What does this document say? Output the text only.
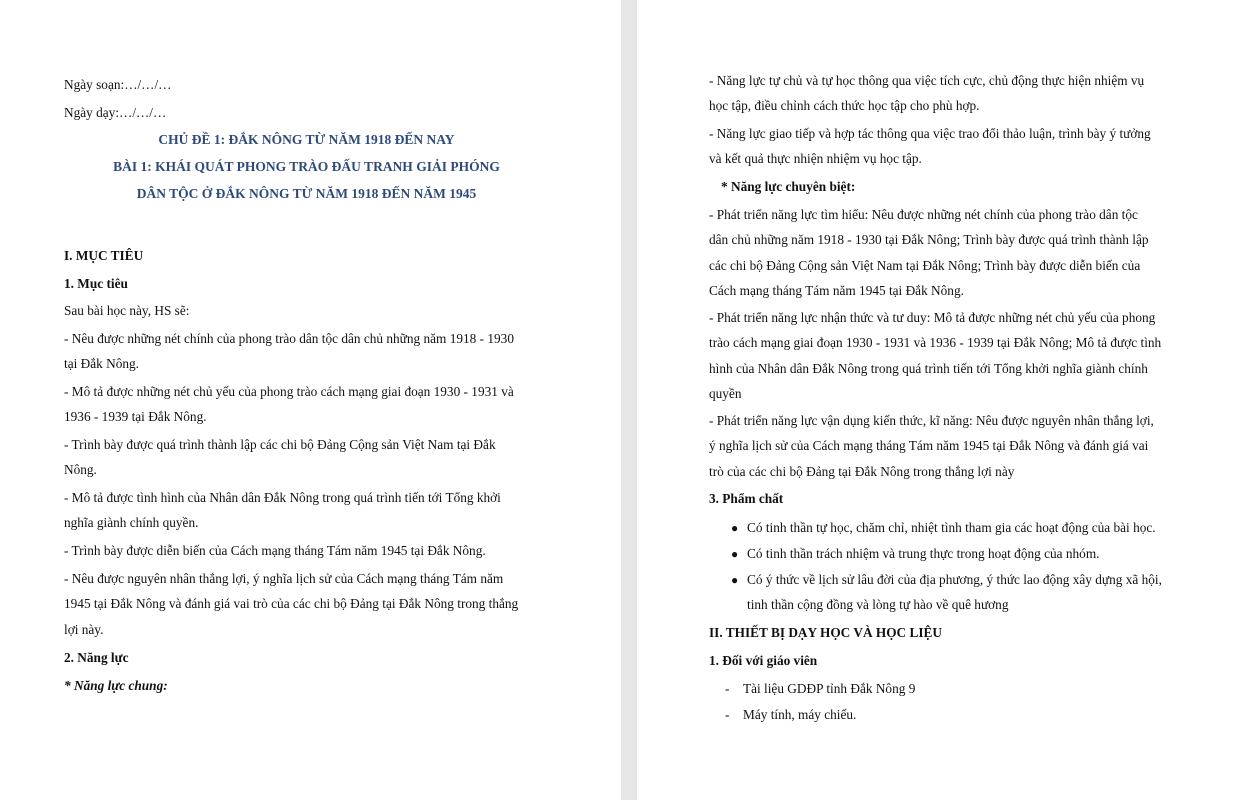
Ngày soạn:…/…/…
Ngày dạy:…/…/…
CHỦ ĐỀ 1: ĐẮK NÔNG TỪ NĂM 1918 ĐẾN NAY
BÀI 1: KHÁI QUÁT PHONG TRÀO ĐẤU TRANH GIẢI PHÓNG
DÂN TỘC Ở ĐẮK NÔNG TỪ NĂM 1918 ĐẾN NĂM 1945
I. MỤC TIÊU
1. Mục tiêu
Sau bài học này, HS sẽ:
- Nêu được những nét chính của phong trào dân tộc dân chủ những năm 1918 - 1930
tại Đắk Nông.
- Mô tả được những nét chủ yếu của phong trào cách mạng giai đoạn 1930 - 1931 và
1936 - 1939 tại Đắk Nông.
- Trình bày được quá trình thành lập các chi bộ Đảng Cộng sản Việt Nam tại Đắk
Nông.
- Mô tả được tình hình của Nhân dân Đắk Nông trong quá trình tiến tới Tổng khởi
nghĩa giành chính quyền.
- Trình bày được diễn biến của Cách mạng tháng Tám năm 1945 tại Đắk Nông.
- Nêu được nguyên nhân thắng lợi, ý nghĩa lịch sử của Cách mạng tháng Tám năm
1945 tại Đắk Nông và đánh giá vai trò của các chi bộ Đảng tại Đắk Nông trong thắng
lợi này.
2. Năng lực
* Năng lực chung:
- Năng lực tự chủ và tự học thông qua việc tích cực, chủ động thực hiện nhiệm vụ
học tập, điều chỉnh cách thức học tập cho phù hợp.
- Năng lực giao tiếp và hợp tác thông qua việc trao đổi thảo luận, trình bày ý tưởng
và kết quả thực nhiện nhiệm vụ học tập.
* Năng lực chuyên biệt:
- Phát triển năng lực tìm hiểu: Nêu được những nét chính của phong trào dân tộc
dân chủ những năm 1918 - 1930 tại Đắk Nông; Trình bày được quá trình thành lập
các chi bộ Đảng Cộng sản Việt Nam tại Đắk Nông; Trình bày được diễn biến của
Cách mạng tháng Tám năm 1945 tại Đắk Nông.
- Phát triển năng lực nhận thức và tư duy: Mô tả được những nét chủ yếu của phong
trào cách mạng giai đoạn 1930 - 1931 và 1936 - 1939 tại Đắk Nông; Mô tả được tình
hình của Nhân dân Đắk Nông trong quá trình tiến tới Tổng khởi nghĩa giành chính
quyền
- Phát triển năng lực vận dụng kiến thức, kĩ năng: Nêu được nguyên nhân thắng lợi,
ý nghĩa lịch sử của Cách mạng tháng Tám năm 1945 tại Đắk Nông và đánh giá vai
trò của các chi bộ Đảng tại Đắk Nông trong thắng lợi này
3. Phẩm chất
● Có tinh thần tự học, chăm chỉ, nhiệt tình tham gia các hoạt động của bài học.
● Có tinh thần trách nhiệm và trung thực trong hoạt động của nhóm.
● Có ý thức về lịch sử lâu đời của địa phương, ý thức lao động xây dựng xã hội,
tinh thần cộng đồng và lòng tự hào về quê hương
II. THIẾT BỊ DẠY HỌC VÀ HỌC LIỆU
1. Đối với giáo viên
- Tài liệu GDĐP tỉnh Đắk Nông 9
- Máy tính, máy chiếu.
